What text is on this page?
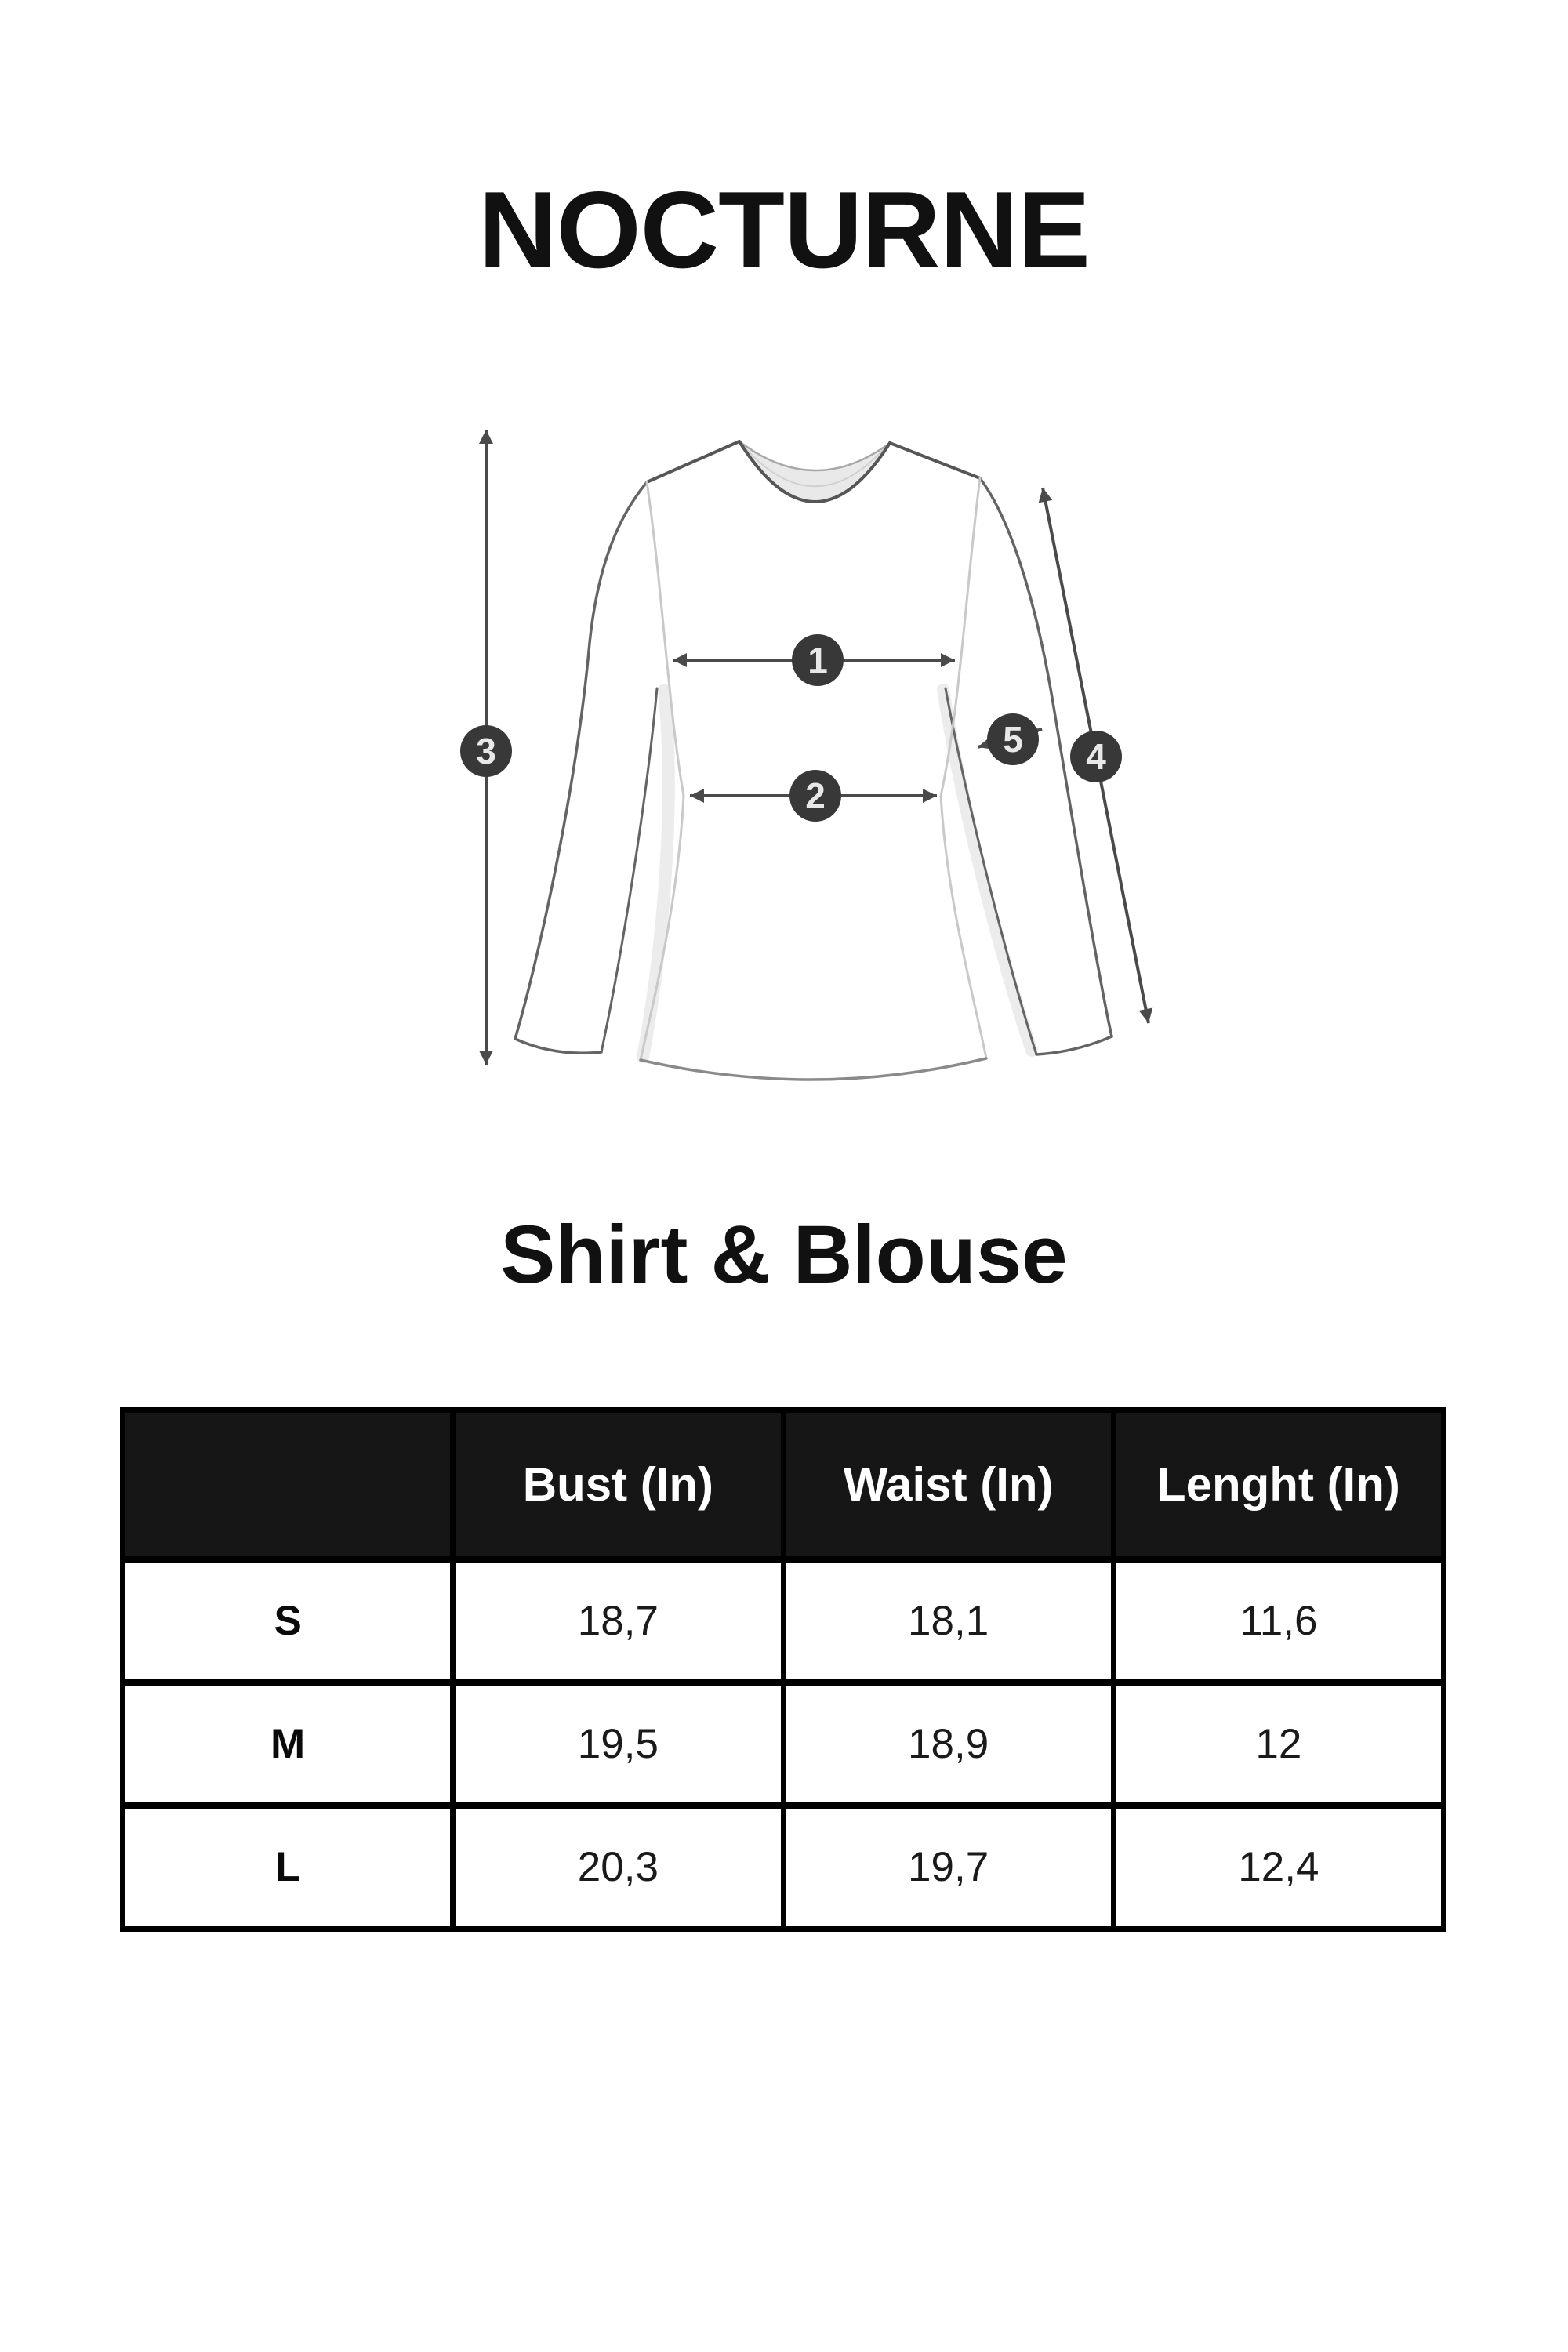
NOCTURNE
1
2
3	4
5
Shirt & Blouse
	Bust (In)	Waist (In)	Lenght (In)
S	18,7	18,1	11,6
M	19,5	18,9	12
L	20,3	19,7	12,4
